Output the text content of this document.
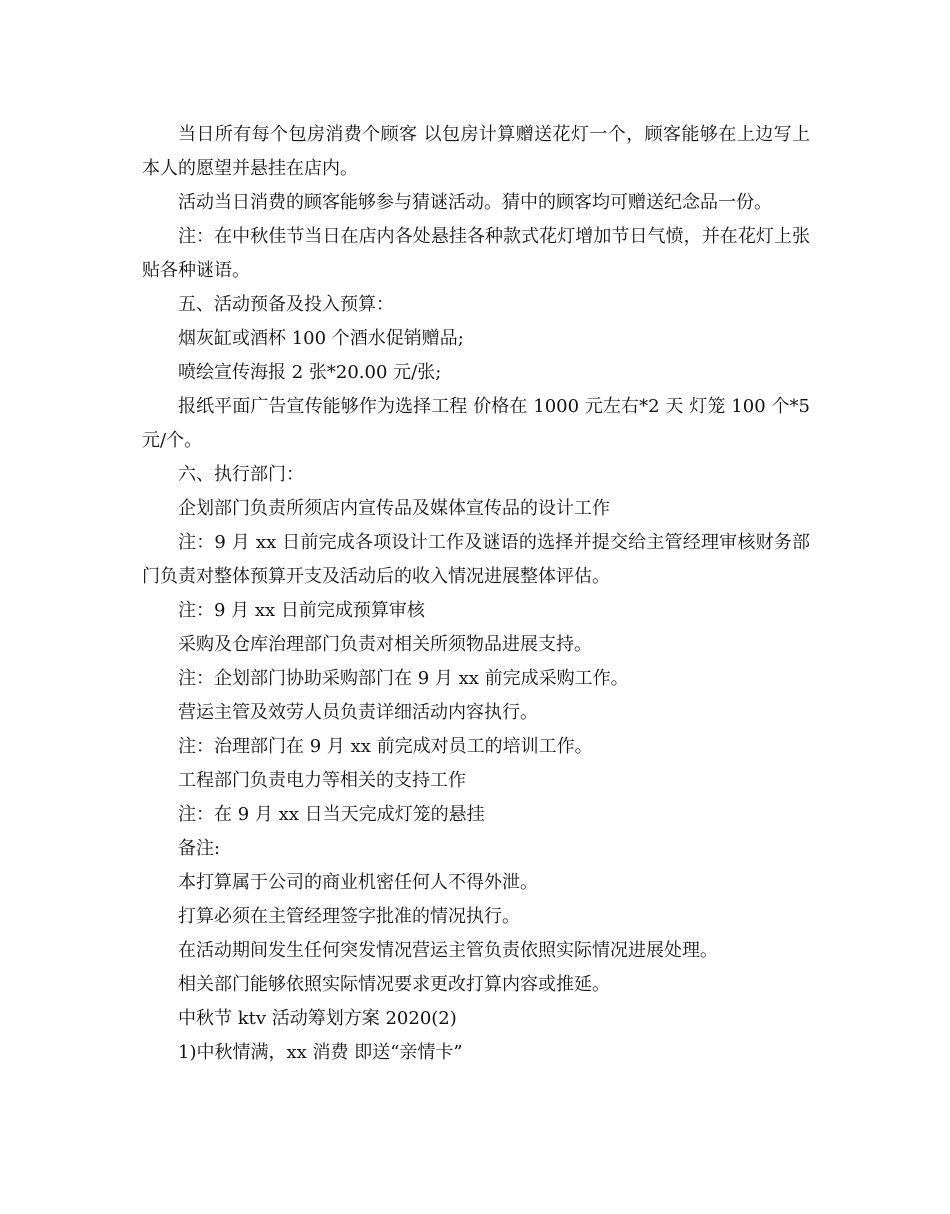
当日所有每个包房消费个顾客 以包房计算赠送花灯一个，顾客能够在上边写上本人的愿望并悬挂在店内。

活动当日消费的顾客能够参与猜谜活动。猜中的顾客均可赠送纪念品一份。

注：在中秋佳节当日在店内各处悬挂各种款式花灯增加节日气愤，并在花灯上张贴各种谜语。

五、活动预备及投入预算：

烟灰缸或酒杯 100 个酒水促销赠品;

喷绘宣传海报 2 张*20.00 元/张;

报纸平面广告宣传能够作为选择工程 价格在 1000 元左右*2 天 灯笼 100 个*5 元/个。

六、执行部门：

企划部门负责所须店内宣传品及媒体宣传品的设计工作

注：9 月 xx 日前完成各项设计工作及谜语的选择并提交给主管经理审核财务部门负责对整体预算开支及活动后的收入情况进展整体评估。

注：9 月 xx 日前完成预算审核

采购及仓库治理部门负责对相关所须物品进展支持。

注：企划部门协助采购部门在 9 月 xx 前完成采购工作。

营运主管及效劳人员负责详细活动内容执行。

注：治理部门在 9 月 xx 前完成对员工的培训工作。

工程部门负责电力等相关的支持工作

注：在 9 月 xx 日当天完成灯笼的悬挂

备注:

本打算属于公司的商业机密任何人不得外泄。

打算必须在主管经理签字批准的情况执行。

在活动期间发生任何突发情况营运主管负责依照实际情况进展处理。

相关部门能够依照实际情况要求更改打算内容或推延。

中秋节 ktv 活动筹划方案 2020(2)

1)中秋情满，xx 消费 即送“亲情卡”
